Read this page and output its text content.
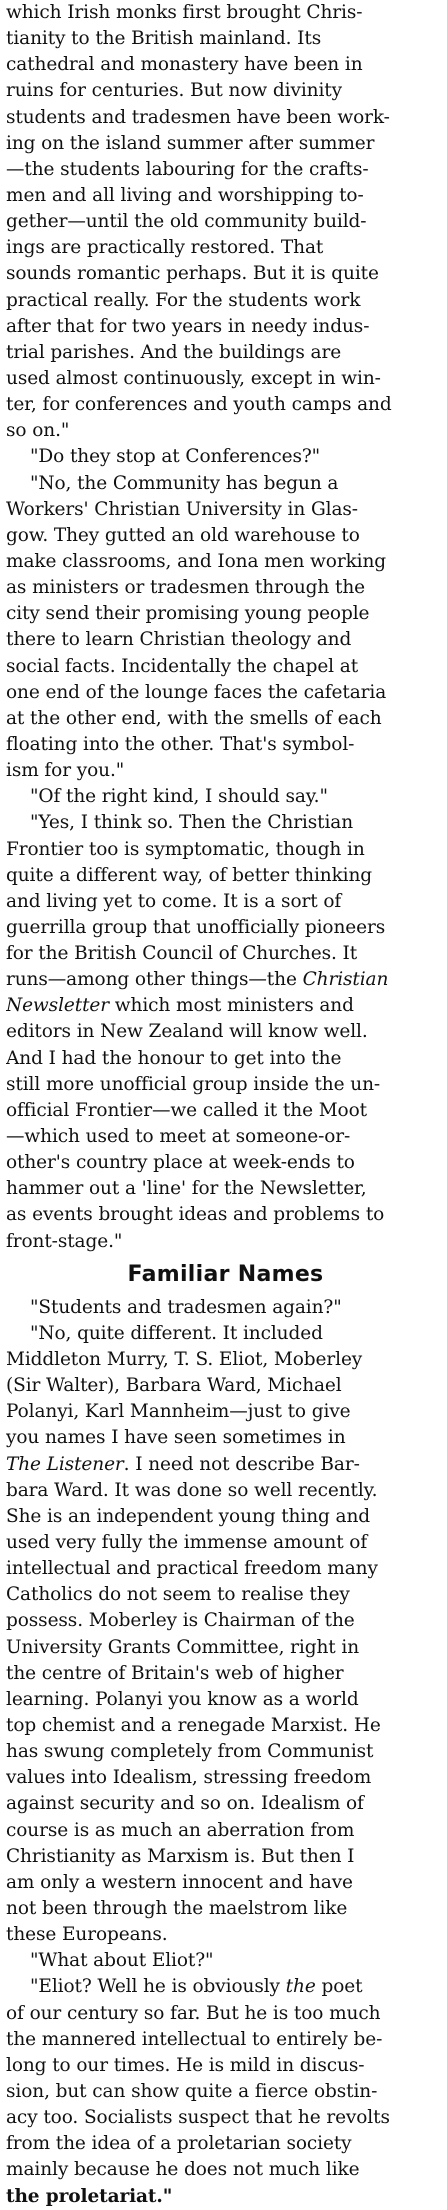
which Irish monks first brought Chris-
tianity to the British mainland. Its
cathedral and monastery have been in
ruins for centuries. But now divinity
students and tradesmen have been work-
ing on the island summer after summer
—the students labouring for the crafts-
men and all living and worshipping to-
gether—until the old community build-
ings are practically restored. That
sounds romantic perhaps. But it is quite
practical really. For the students work
after that for two years in needy indus-
trial parishes. And the buildings are
used almost continuously, except in win-
ter, for conferences and youth camps and
so on."

"Do they stop at Conferences?"

"No, the Community has begun a
Workers' Christian University in Glas-
gow. They gutted an old warehouse to
make classrooms, and Iona men working
as ministers or tradesmen through the
city send their promising young people
there to learn Christian theology and
social facts. Incidentally the chapel at
one end of the lounge faces the cafetaria
at the other end, with the smells of each
floating into the other. That's symbol-
ism for you."

"Of the right kind, I should say."

"Yes, I think so. Then the Christian
Frontier too is symptomatic, though in
quite a different way, of better thinking
and living yet to come. It is a sort of
guerrilla group that unofficially pioneers
for the British Council of Churches. It
runs—among other things—the Christian
Newsletter which most ministers and
editors in New Zealand will know well.
And I had the honour to get into the
still more unofficial group inside the un-
official Frontier—we called it the Moot
—which used to meet at someone-or-
other's country place at week-ends to
hammer out a 'line' for the Newsletter,
as events brought ideas and problems to
front-stage."

Familiar Names

"Students and tradesmen again?"

"No, quite different. It included
Middleton Murry, T. S. Eliot, Moberley
(Sir Walter), Barbara Ward, Michael
Polanyi, Karl Mannheim—just to give
you names I have seen sometimes in
The Listener. I need not describe Bar-
bara Ward. It was done so well recently.
She is an independent young thing and
used very fully the immense amount of
intellectual and practical freedom many
Catholics do not seem to realise they
possess. Moberley is Chairman of the
University Grants Committee, right in
the centre of Britain's web of higher
learning. Polanyi you know as a world
top chemist and a renegade Marxist. He
has swung completely from Communist
values into Idealism, stressing freedom
against security and so on. Idealism of
course is as much an aberration from
Christianity as Marxism is. But then I
am only a western innocent and have
not been through the maelstrom like
these Europeans.

"What about Eliot?"

"Eliot? Well he is obviously the poet
of our century so far. But he is too much
the mannered intellectual to entirely be-
long to our times. He is mild in discus-
sion, but can show quite a fierce obstin-
acy too. Socialists suspect that he revolts
from the idea of a proletarian society
mainly because he does not much like
the proletariat."
